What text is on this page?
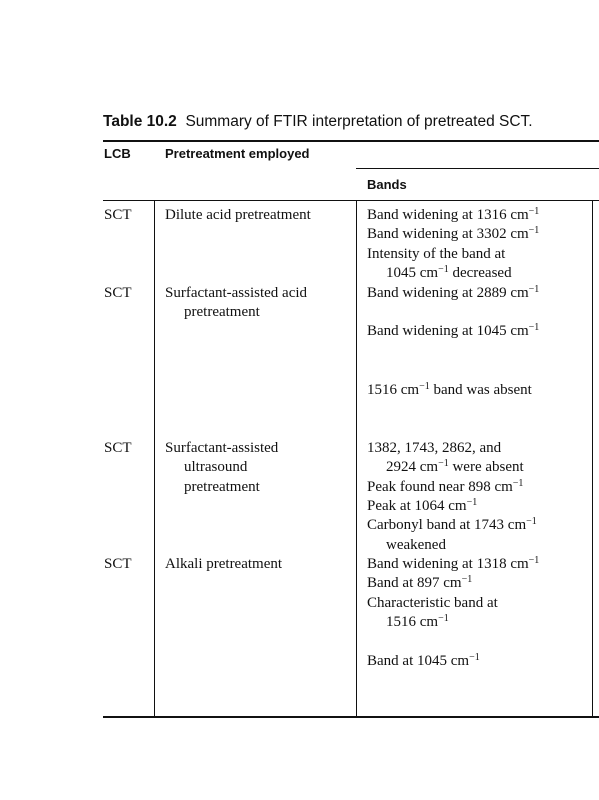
Table 10.2 Summary of FTIR interpretation of pretreated SCT.
LCB	Pretreatment employed
Bands
SCT
SCT
SCT
SCT
Dilute acid pretreatment
Surfactant-assisted acid
pretreatment
Surfactant-assisted
ultrasound
pretreatment
Alkali pretreatment
Band widening at 1316 $cm^{-1}$
Band widening at 3302 $cm^{-1}$
Intensity of the band at
1045 $cm^{-1}$ decreased
Band widening at 2889 $cm^{-1}$
Band widening at 1045 $cm^{-1}$
1516 $cm^{-1}$ band was absent
1382, 1743, 2862, and
2924 $cm^{-1}$ were absent
Peak found near 898 $cm^{-1}$
Peak at 1064 $cm^{-1}$
Carbonyl band at 1743 $cm^{-1}$
weakened
Band widening at 1318 $cm^{-1}$
Band at 897 $cm^{-1}$
Characteristic band at
1516 $cm^{-1}$
Band at 1045 $cm^{-1}$
